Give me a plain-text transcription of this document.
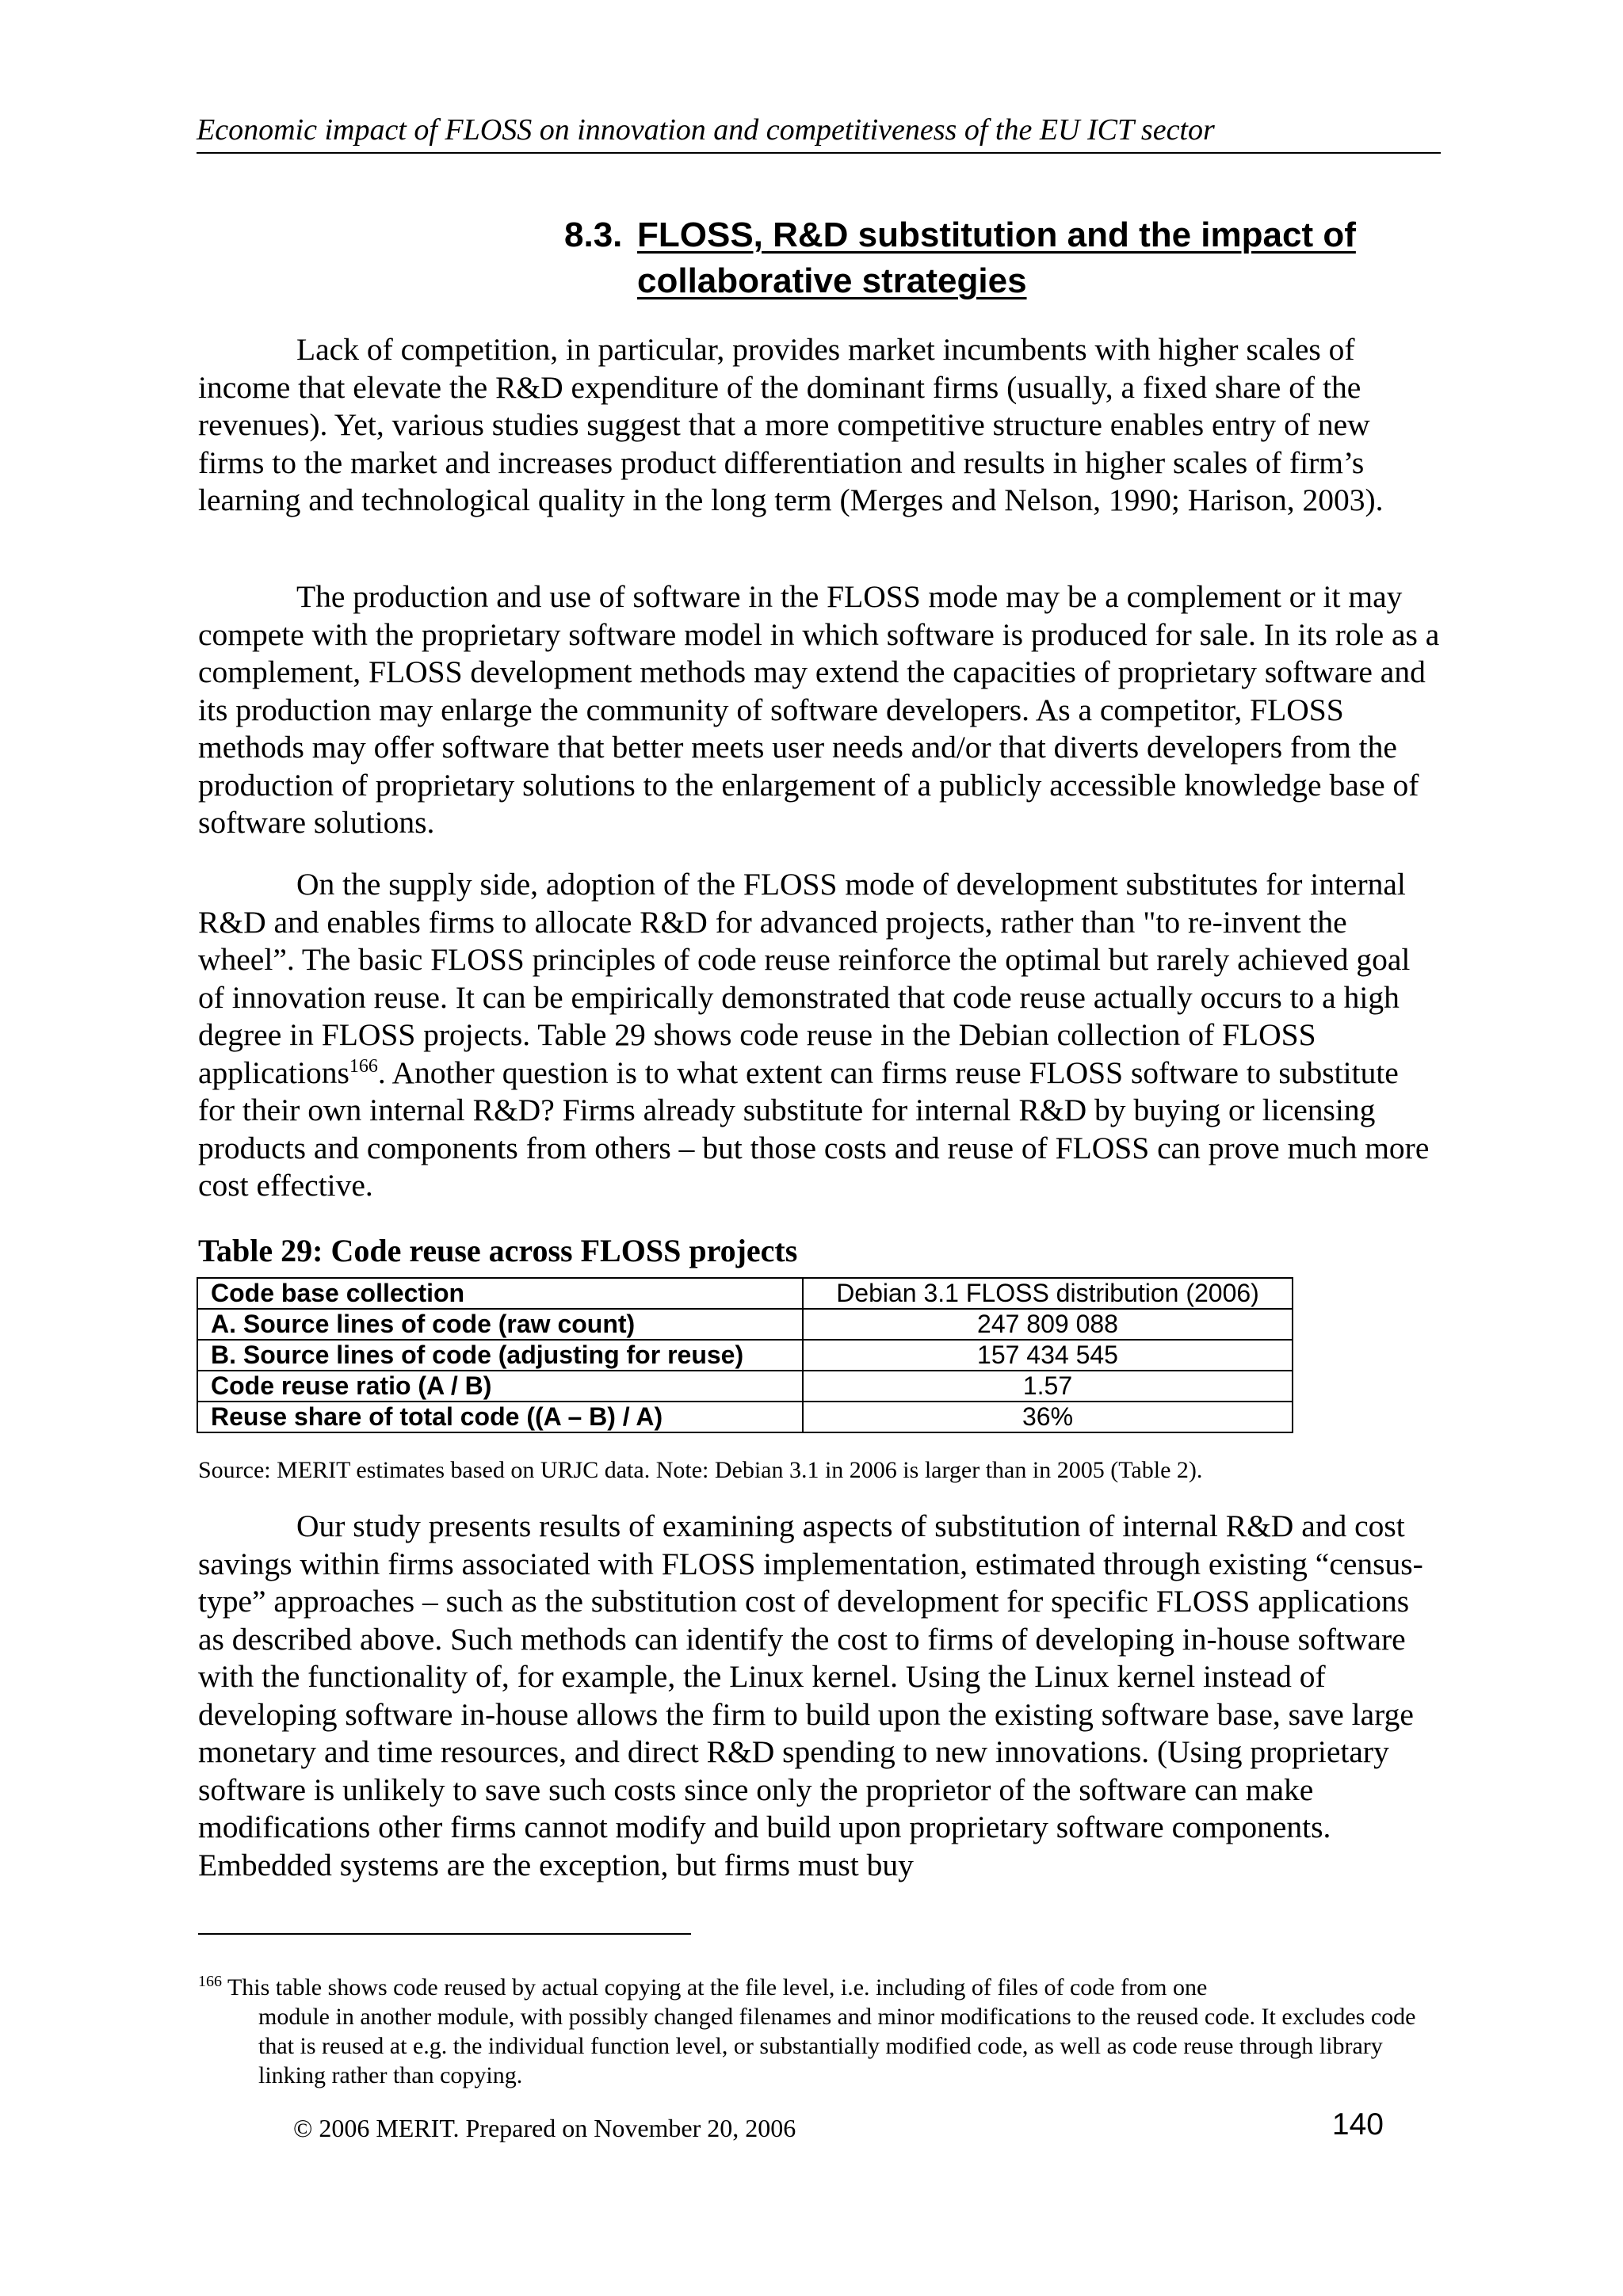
Economic impact of FLOSS on innovation and competitiveness of the EU ICT sector
8.3. FLOSS, R&D substitution and the impact of
collaborative strategies

Lack of competition, in particular, provides market incumbents with higher scales of income that elevate the R&D expenditure of the dominant firms (usually, a fixed share of the revenues). Yet, various studies suggest that a more competitive structure enables entry of new firms to the market and increases product differentiation and results in higher scales of firm’s learning and technological quality in the long term (Merges and Nelson, 1990; Harison, 2003).

The production and use of software in the FLOSS mode may be a complement or it may compete with the proprietary software model in which software is produced for sale. In its role as a complement, FLOSS development methods may extend the capacities of proprietary software and its production may enlarge the community of software developers. As a competitor, FLOSS methods may offer software that better meets user needs and/or that diverts developers from the production of proprietary solutions to the enlargement of a publicly accessible knowledge base of software solutions.

On the supply side, adoption of the FLOSS mode of development substitutes for internal R&D and enables firms to allocate R&D for advanced projects, rather than "to re-invent the wheel”. The basic FLOSS principles of code reuse reinforce the optimal but rarely achieved goal of innovation reuse. It can be empirically demonstrated that code reuse actually occurs to a high degree in FLOSS projects. Table 29 shows code reuse in the Debian collection of FLOSS applications$^{166}$. Another question is to what extent can firms reuse FLOSS software to substitute for their own internal R&D? Firms already substitute for internal R&D by buying or licensing products and components from others – but those costs and reuse of FLOSS can prove much more cost effective.

Table 29: Code reuse across FLOSS projects
Code base collection	Debian 3.1 FLOSS distribution (2006)
A. Source lines of code (raw count)	247 809 088
B. Source lines of code (adjusting for reuse)	157 434 545
Code reuse ratio (A / B)	1.57
Reuse share of total code ((A – B) / A)	36%
Source: MERIT estimates based on URJC data. Note: Debian 3.1 in 2006 is larger than in 2005 (Table 2).

Our study presents results of examining aspects of substitution of internal R&D and cost savings within firms associated with FLOSS implementation, estimated through existing “census-type” approaches – such as the substitution cost of development for specific FLOSS applications as described above. Such methods can identify the cost to firms of developing in-house software with the functionality of, for example, the Linux kernel. Using the Linux kernel instead of developing software in-house allows the firm to build upon the existing software base, save large monetary and time resources, and direct R&D spending to new innovations. (Using proprietary software is unlikely to save such costs since only the proprietor of the software can make modifications other firms cannot modify and build upon proprietary software components. Embedded systems are the exception, but firms must buy

$^{166}$ This table shows code reused by actual copying at the file level, i.e. including of files of code from one
module in another module, with possibly changed filenames and minor modifications to the reused code. It excludes code that is reused at e.g. the individual function level, or substantially modified code, as well as code reuse through library linking rather than copying.
© 2006 MERIT. Prepared on November 20, 2006	140
